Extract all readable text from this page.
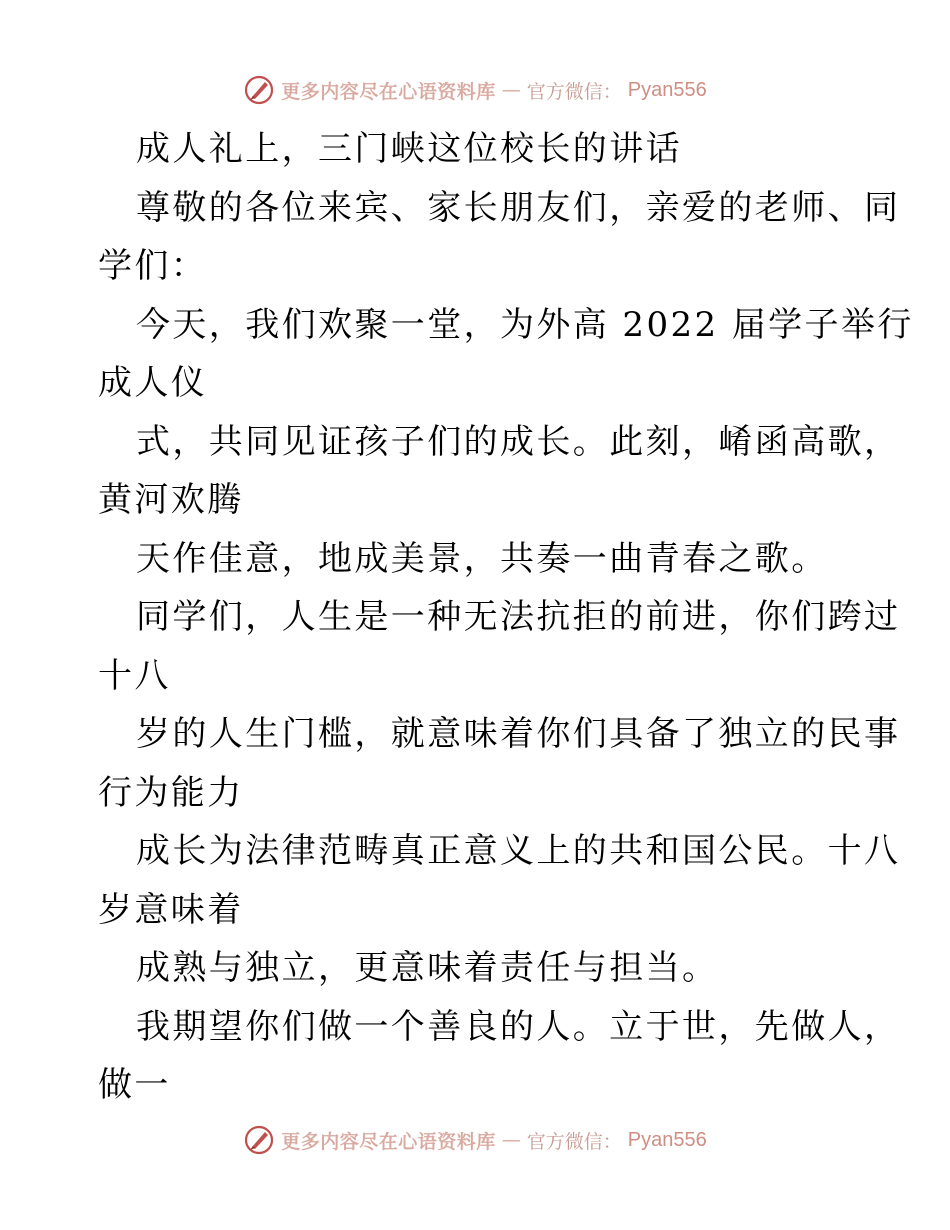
更多内容尽在心语资料库 — 官方微信： Pyan556
成人礼上，三门峡这位校长的讲话
尊敬的各位来宾、家长朋友们，亲爱的老师、同
学们：
今天，我们欢聚一堂，为外高 2022 届学子举行
成人仪
式，共同见证孩子们的成长。此刻，崤函高歌，
黄河欢腾
天作佳意，地成美景，共奏一曲青春之歌。
同学们，人生是一种无法抗拒的前进，你们跨过
十八
岁的人生门槛，就意味着你们具备了独立的民事
行为能力
成长为法律范畴真正意义上的共和国公民。十八
岁意味着
成熟与独立，更意味着责任与担当。
我期望你们做一个善良的人。立于世，先做人，
做一
更多内容尽在心语资料库 — 官方微信： Pyan556
